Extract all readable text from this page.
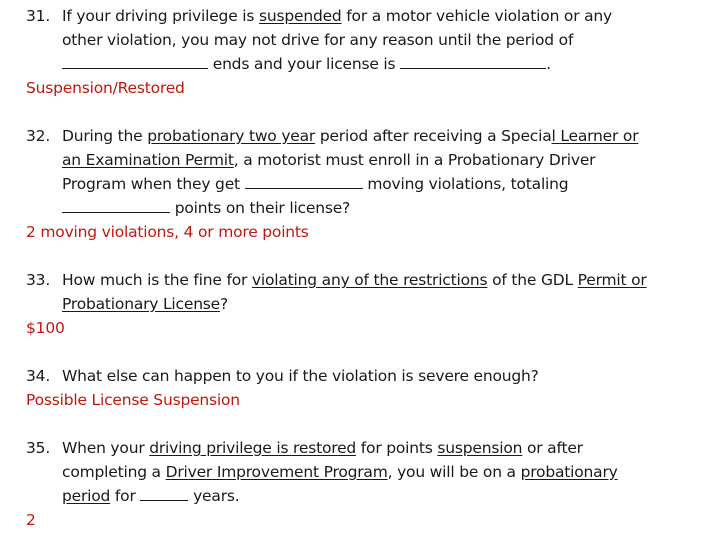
31. If your driving privilege is suspended for a motor vehicle violation or any
other violation, you may not drive for any reason until the period of
ends and your license is	.
Suspension/Restored
32. During the probationary two year period after receiving a Special Learner or
an Examination Permit, a motorist must enroll in a Probationary Driver
Program when they get	moving violations, totaling
points on their license?
2 moving violations, 4 or more points
33. How much is the fine for violating any of the restrictions of the GDL Permit or
Probationary License?
$100
34. What else can happen to you if the violation is severe enough?
Possible License Suspension
35. When your driving privilege is restored for points suspension or after
completing a Driver Improvement Program, you will be on a probationary
period for	years.
2
